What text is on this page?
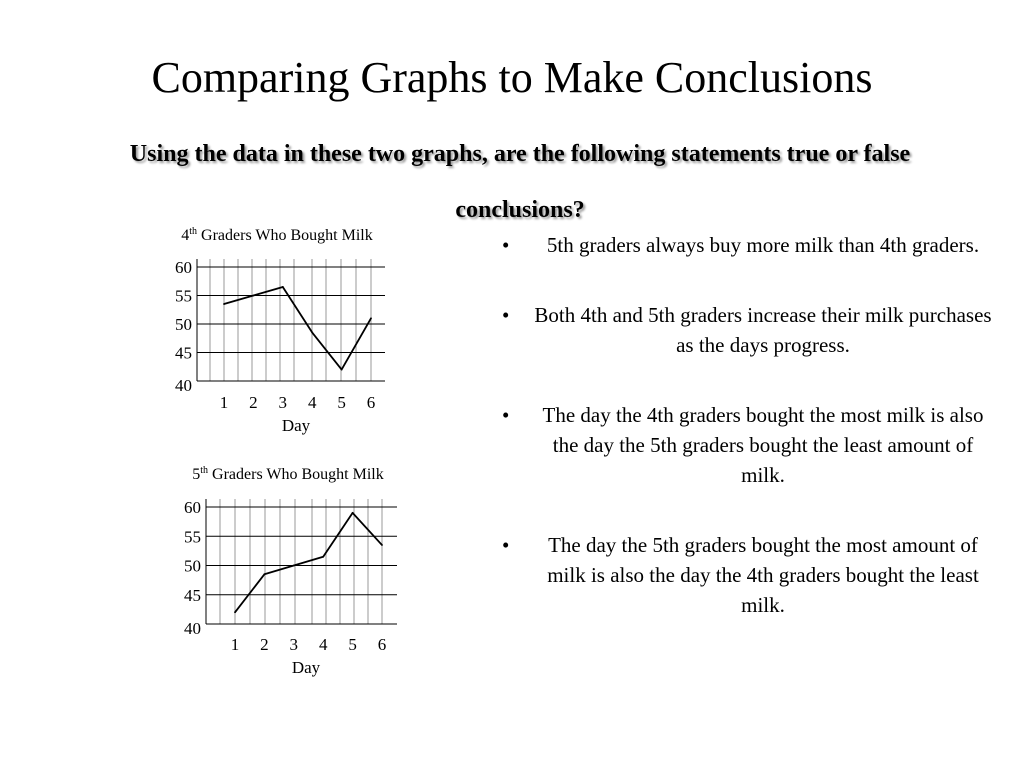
Comparing Graphs to Make Conclusions
Using the data in these two graphs, are the following statements true or false conclusions?
• 5th graders always buy more milk than 4th graders.
• Both 4th and 5th graders increase their milk purchases as the days progress.
• The day the 4th graders bought the most milk is also the day the 5th graders bought the least amount of milk.
• The day the 5th graders bought the most amount of milk is also the day the 4th graders bought the least milk.
4th Graders Who Bought Milk
60
55
50
45
40
1 2 3 4 5 6
Day
5th Graders Who Bought Milk
60
55
50
45
40
1 2 3 4 5 6
Day
